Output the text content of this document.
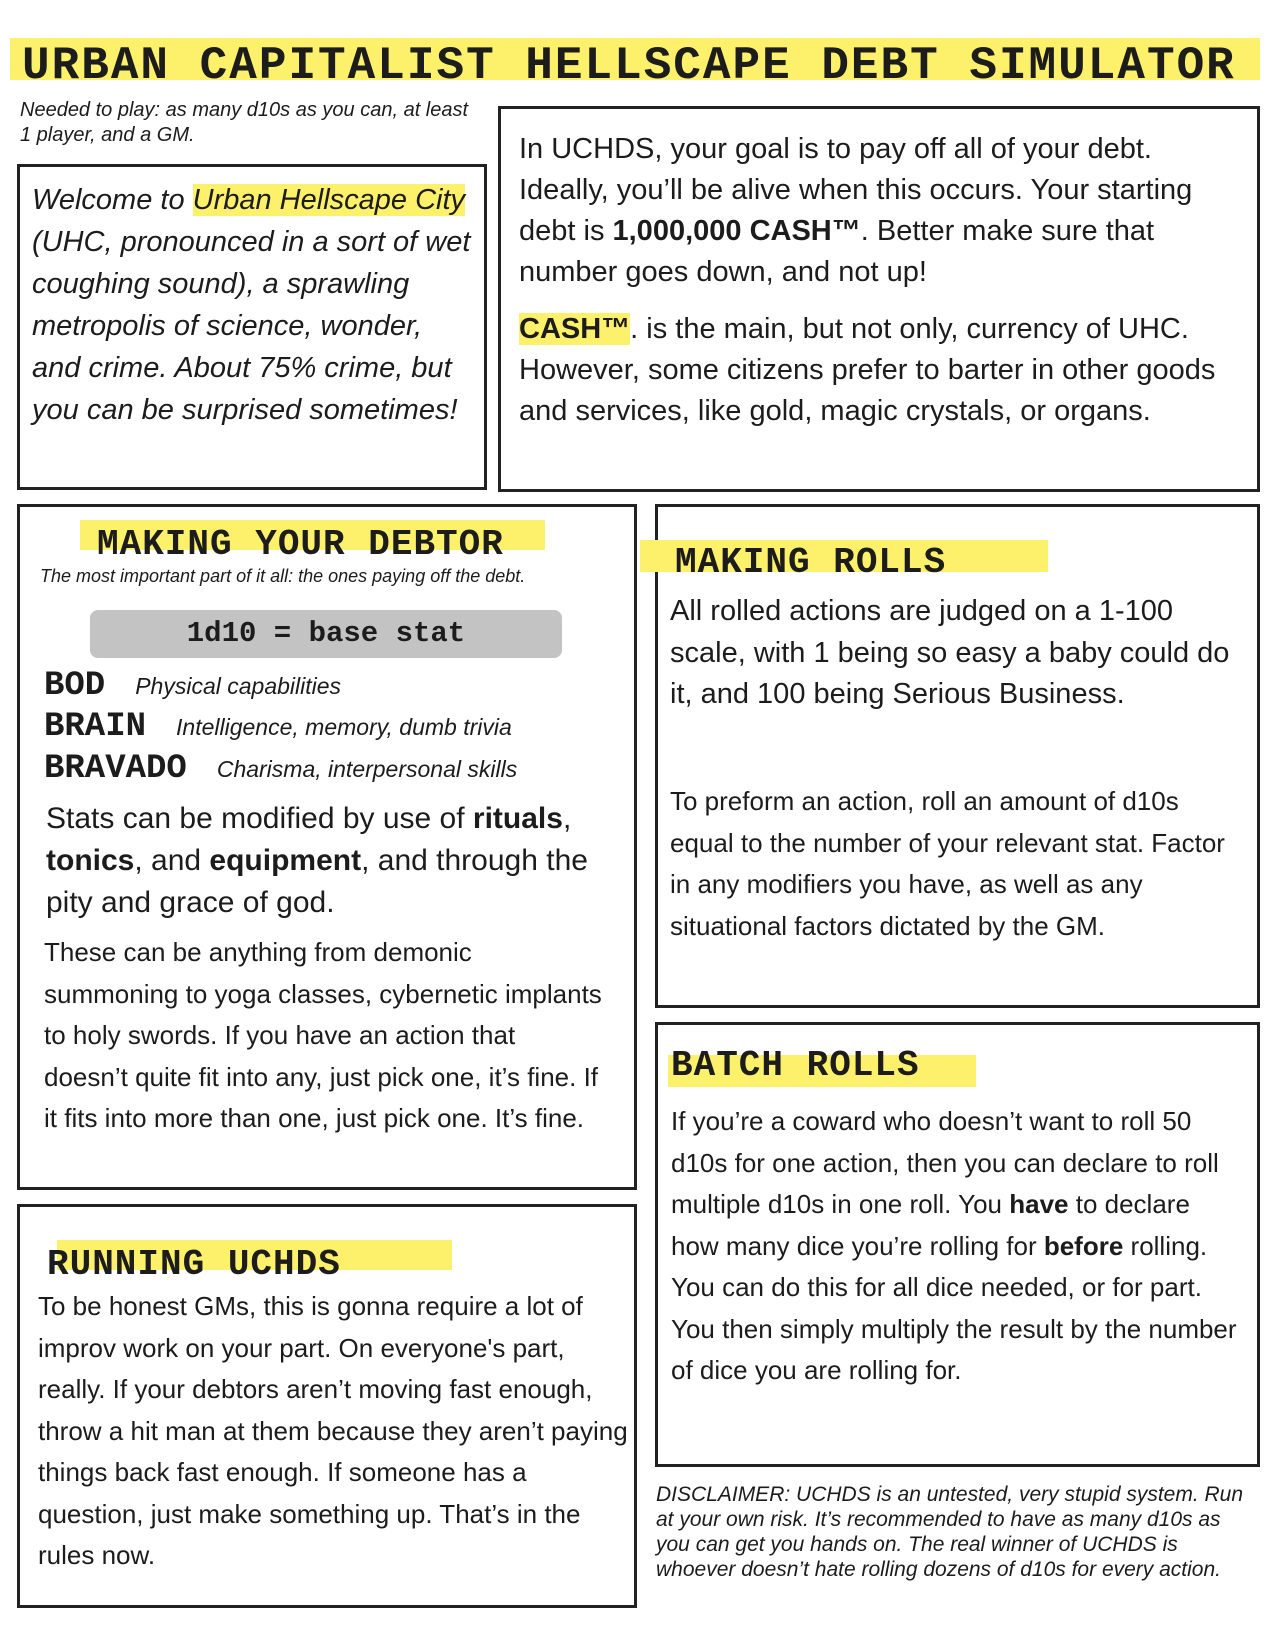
URBAN CAPITALIST HELLSCAPE DEBT SIMULATOR

Needed to play: as many d10s as you can, at least 1 player, and a GM.

Welcome to Urban Hellscape City (UHC, pronounced in a sort of wet coughing sound), a sprawling metropolis of science, wonder, and crime. About 75% crime, but you can be surprised sometimes!

In UCHDS, your goal is to pay off all of your debt. Ideally, you’ll be alive when this occurs. Your starting debt is 1,000,000 CASH™. Better make sure that number goes down, and not up!

CASH™. is the main, but not only, currency of UHC. However, some citizens prefer to barter in other goods and services, like gold, magic crystals, or organs.

MAKING YOUR DEBTOR

The most important part of it all: the ones paying off the debt.

1d10 = base stat
BOD Physical capabilities
BRAIN Intelligence, memory, dumb trivia
BRAVADO Charisma, interpersonal skills

Stats can be modified by use of rituals, tonics, and equipment, and through the pity and grace of god.

These can be anything from demonic summoning to yoga classes, cybernetic implants to holy swords. If you have an action that doesn’t quite fit into any, just pick one, it’s fine. If it fits into more than one, just pick one. It’s fine.

MAKING ROLLS

All rolled actions are judged on a 1-100 scale, with 1 being so easy a baby could do it, and 100 being Serious Business.

To preform an action, roll an amount of d10s equal to the number of your relevant stat. Factor in any modifiers you have, as well as any situational factors dictated by the GM.

BATCH ROLLS

If you’re a coward who doesn’t want to roll 50 d10s for one action, then you can declare to roll multiple d10s in one roll. You have to declare how many dice you’re rolling for before rolling. You can do this for all dice needed, or for part. You then simply multiply the result by the number of dice you are rolling for.

RUNNING UCHDS

To be honest GMs, this is gonna require a lot of improv work on your part. On everyone's part, really. If your debtors aren’t moving fast enough, throw a hit man at them because they aren’t paying things back fast enough. If someone has a question, just make something up. That’s in the rules now.

DISCLAIMER: UCHDS is an untested, very stupid system. Run at your own risk. It’s recommended to have as many d10s as you can get you hands on. The real winner of UCHDS is whoever doesn’t hate rolling dozens of d10s for every action.
